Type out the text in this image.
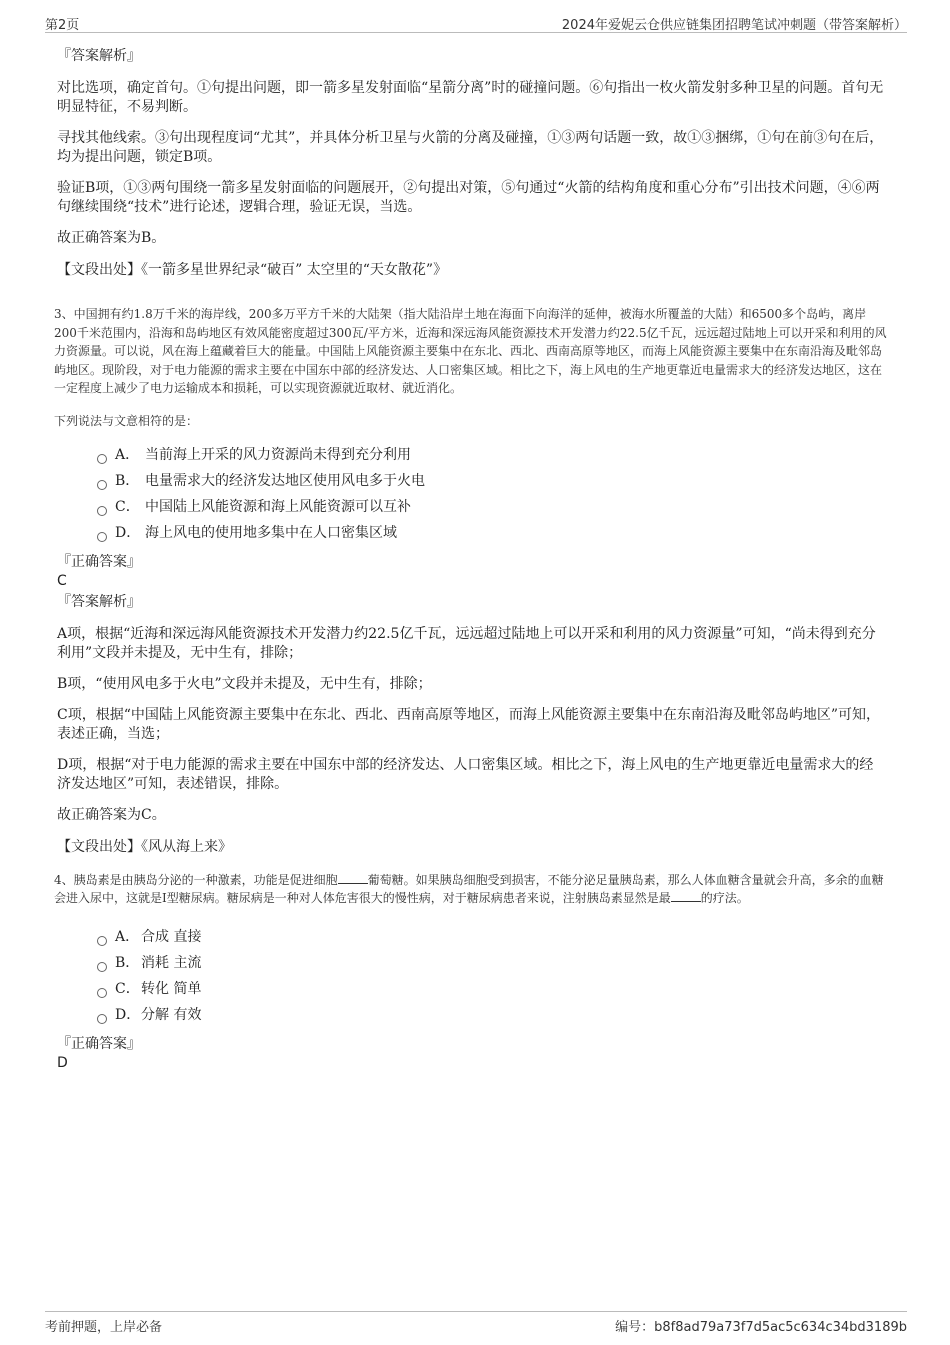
第2页	2024年爱妮云仓供应链集团招聘笔试冲刺题（带答案解析）
『答案解析』

对比选项，确定首句。①句提出问题，即一箭多星发射面临“星箭分离”时的碰撞问题。⑥句指出一枚火箭发射多种卫星的问题。首句无明显特征，不易判断。

寻找其他线索。③句出现程度词“尤其”，并具体分析卫星与火箭的分离及碰撞，①③两句话题一致，故①③捆绑，①句在前③句在后，均为提出问题，锁定B项。

验证B项，①③两句围绕一箭多星发射面临的问题展开，②句提出对策，⑤句通过“火箭的结构角度和重心分布”引出技术问题，④⑥两句继续围绕“技术”进行论述，逻辑合理，验证无误，当选。

故正确答案为B。

【文段出处】《一箭多星世界纪录“破百” 太空里的“天女散花”》

3、中国拥有约1.8万千米的海岸线，200多万平方千米的大陆架（指大陆沿岸土地在海面下向海洋的延伸，被海水所覆盖的大陆）和6500多个岛屿，离岸200千米范围内，沿海和岛屿地区有效风能密度超过300瓦/平方米，近海和深远海风能资源技术开发潜力约22.5亿千瓦，远远超过陆地上可以开采和利用的风力资源量。可以说，风在海上蕴藏着巨大的能量。中国陆上风能资源主要集中在东北、西北、西南高原等地区，而海上风能资源主要集中在东南沿海及毗邻岛屿地区。现阶段，对于电力能源的需求主要在中国东中部的经济发达、人口密集区域。相比之下，海上风电的生产地更靠近电量需求大的经济发达地区，这在一定程度上减少了电力运输成本和损耗，可以实现资源就近取材、就近消化。

下列说法与文意相符的是：

A． 当前海上开采的风力资源尚未得到充分利用
B． 电量需求大的经济发达地区使用风电多于火电
C． 中国陆上风能资源和海上风能资源可以互补
D． 海上风电的使用地多集中在人口密集区域
『正确答案』
C
『答案解析』

A项，根据“近海和深远海风能资源技术开发潜力约22.5亿千瓦，远远超过陆地上可以开采和利用的风力资源量”可知，“尚未得到充分利用”文段并未提及，无中生有，排除；

B项，“使用风电多于火电”文段并未提及，无中生有，排除；

C项，根据“中国陆上风能资源主要集中在东北、西北、西南高原等地区，而海上风能资源主要集中在东南沿海及毗邻岛屿地区”可知，表述正确，当选；

D项，根据“对于电力能源的需求主要在中国东中部的经济发达、人口密集区域。相比之下，海上风电的生产地更靠近电量需求大的经济发达地区”可知，表述错误，排除。

故正确答案为C。

【文段出处】《风从海上来》

4、胰岛素是由胰岛分泌的一种激素，功能是促进细胞	葡萄糖。如果胰岛细胞受到损害，不能分泌足量胰岛素，那么人体血糖含量就会升高，多余的血糖会进入尿中，这就是I型糖尿病。糖尿病是一种对人体危害很大的慢性病，对于糖尿病患者来说，注射胰岛素显然是最	的疗法。

A． 合成 直接
B． 消耗 主流
C．转化 简单
D．分解 有效
『正确答案』
D
考前押题，上岸必备	编号：b8f8ad79a73f7d5ac5c634c34bd3189b
